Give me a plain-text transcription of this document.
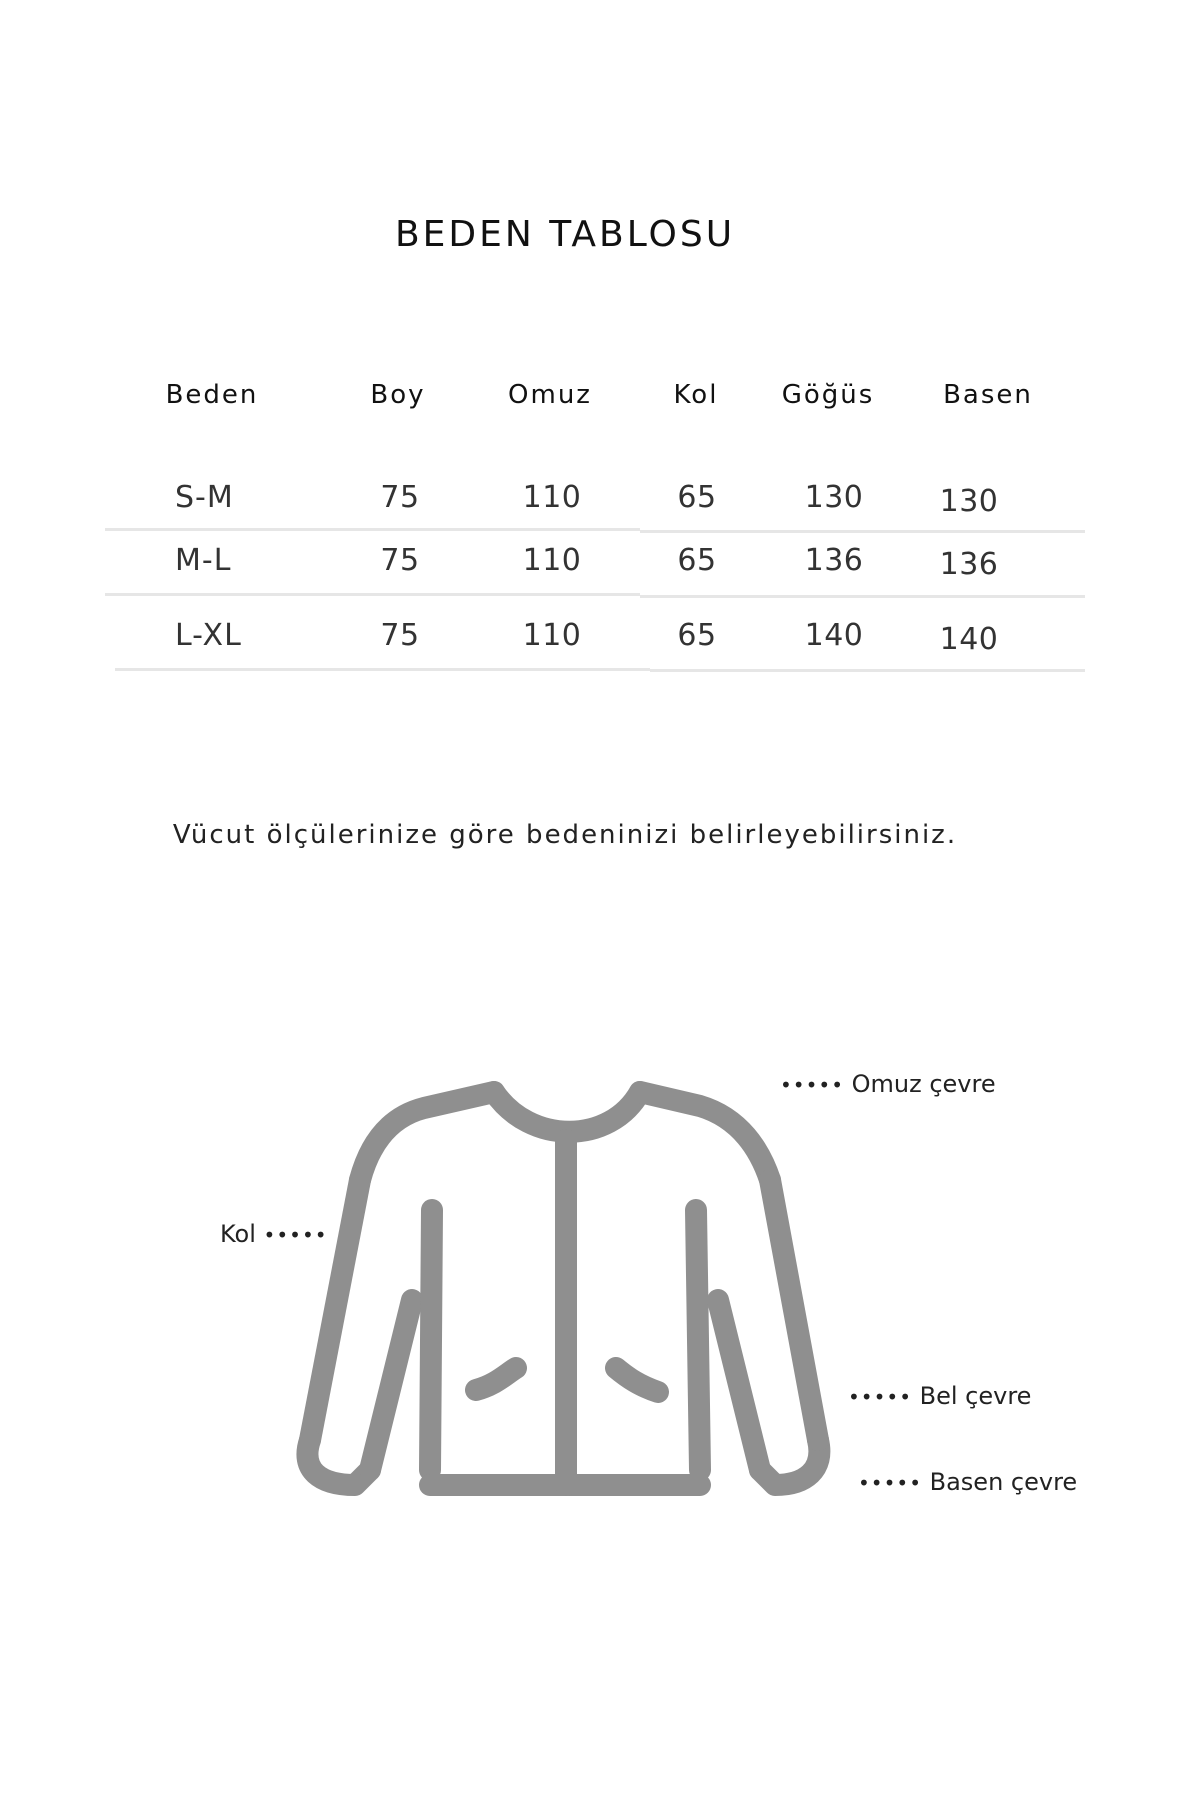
BEDEN TABLOSU
Beden	Boy	Omuz	Kol	Göğüs	Basen
S-M	75	110	65	130	130
M-L	75	110	65	136	136
L-XL	75	110	65	140	140
Vücut ölçülerinize göre bedeninizi belirleyebilirsiniz.
••••• Omuz çevre
Kol •••••
••••• Bel çevre
••••• Basen çevre
